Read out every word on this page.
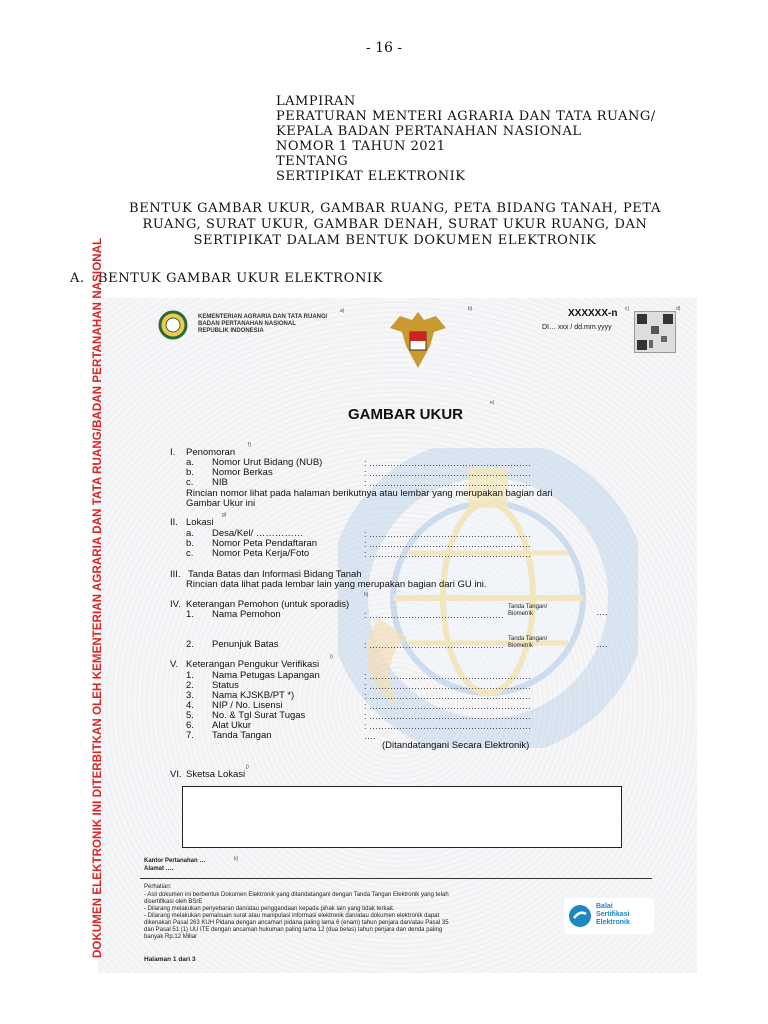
- 16 -
LAMPIRAN
PERATURAN MENTERI AGRARIA DAN TATA RUANG/
KEPALA BADAN PERTANAHAN NASIONAL
NOMOR 1 TAHUN 2021
TENTANG
SERTIPIKAT ELEKTRONIK
BENTUK GAMBAR UKUR, GAMBAR RUANG, PETA BIDANG TANAH, PETA
RUANG, SURAT UKUR, GAMBAR DENAH, SURAT UKUR RUANG, DAN
SERTIPIKAT DALAM BENTUK DOKUMEN ELEKTRONIK
A. BENTUK GAMBAR UKUR ELEKTRONIK
DOKUMEN ELEKTRONIK INI DITERBITKAN OLEH KEMENTERIAN AGRARIA DAN TATA RUANG/BADAN PERTANAHAN NASIONAL	KEMENTERIAN AGRARIA DAN TATA RUANG/
BADAN PERTANAHAN NASIONAL
REPUBLIK INDONESIA
a)	b)	XXXXXX-n c)
DI… xxx / dd.mm.yyyy
d)
GAMBAR UKUR
e)
I. Penomoran
f)
a. Nomor Urut Bidang (NUB)	: ………………………………………………
b. Nomor Berkas	: ………………………………………………
c. NIB	: ………………………………………………
Rincian nomor lihat pada halaman berikutnya atau lembar yang merupakan bagian dari
Gambar Ukur ini
II. Lokasi
g)
a. Desa/Kel/ ……………	: ………………………………………………
b. Nomor Peta Pendaftaran	: ………………………………………………
c. Nomor Peta Kerja/Foto	: ………………………………………………
III. Tanda Batas dan Informasi Bidang Tanah
Rincian data lihat pada lembar lain yang merupakan bagian dari GU ini.
IV. Keterangan Pemohon (untuk sporadis)
h)
1. Nama Pemohon	: ………………………………………
Tanda Tangan/
Biometrik	….
2. Penunjuk Batas	: ………………………………………
Tanda Tangan/
Biometrik	….
V. Keterangan Pengukur Verifikasi
i)
1. Nama Petugas Lapangan	: ………………………………………………
2. Status	: ………………………………………………
3. Nama KJSKB/PT *)	: ………………………………………………
4. NIP / No. Lisensi	: ………………………………………………
5. No. & Tgl Surat Tugas	: ………………………………………………
6. Alat Ukur	: ………………………………………………
7. Tanda Tangan	….
(Ditandatangani Secara Elektronik)
VI. Sketsa Lokasi
j)
Kantor Pertanahan …	k)
Alamat ….
Perhatian:
- Asli dokumen ini berbentuk Dokumen Elektronik yang ditandatangani dengan Tanda Tangan Elektronik yang telah
disertifikasi oleh BSrE
- Dilarang melakukan penyebaran dan/atau penggandaan kepada pihak lain yang tidak terkait.
- Dilarang melakukan pemalsuan surat atau manipulasi informasi elektronik dan/atau dokumen elektronik dapat
dikenakan Pasal 263 KUH Pidana dengan ancaman pidana paling lama 6 (enam) tahun penjara dan/atau Pasal 35
dan Pasal 51 (1) UU ITE dengan ancaman hukuman paling lama 12 (dua belas) tahun penjara dan denda paling
banyak Rp.12 Miliar
Balai
Sertifikasi
Elektronik
Halaman 1 dari 3
